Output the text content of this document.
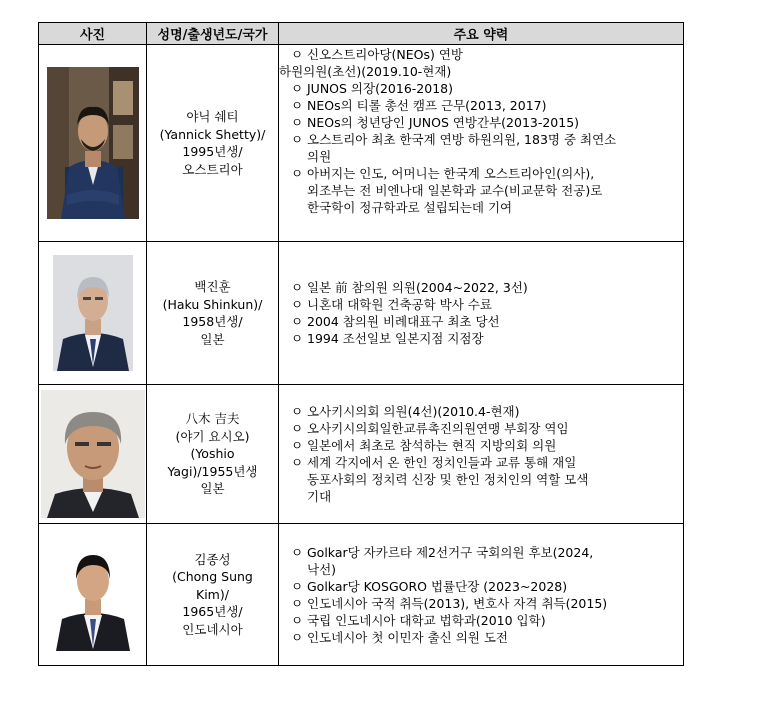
사진	성명/출생년도/국가	주요 약력
야닉 쉐티
(Yannick Shetty)/
1995년생/
오스트리아
ㅇ 신오스트리아당(NEOs) 연방
하원의원(초선)(2019.10-현재)
ㅇ JUNOS 의장(2016-2018)
ㅇ NEOs의 티롤 총선 캠프 근무(2013, 2017)
ㅇ NEOs의 청년당인 JUNOS 연방간부(2013-2015)
ㅇ 오스트리아 최초 한국계 연방 하원의원, 183명 중 최연소
의원
ㅇ 아버지는 인도, 어머니는 한국계 오스트리아인(의사),
외조부는 전 비엔나대 일본학과 교수(비교문학 전공)로
한국학이 정규학과로 설립되는데 기여
백진훈
(Haku Shinkun)/
1958년생/
일본
ㅇ 일본 前 참의원 의원(2004~2022, 3선)
ㅇ 니혼대 대학원 건축공학 박사 수료
ㅇ 2004 참의원 비례대표구 최초 당선
ㅇ 1994 조선일보 일본지점 지점장
八木 吉夫
(야기 요시오)
(Yoshio
Yagi)/1955년생
일본
ㅇ 오사키시의회 의원(4선)(2010.4-현재)
ㅇ 오사키시의회일한교류촉진의원연맹 부회장 역임
ㅇ 일본에서 최초로 참석하는 현직 지방의회 의원
ㅇ 세계 각지에서 온 한인 정치인들과 교류 통해 재일
동포사회의 정치력 신장 및 한인 정치인의 역할 모색
기대
김종성
(Chong Sung
Kim)/
1965년생/
인도네시아
ㅇ Golkar당 자카르타 제2선거구 국회의원 후보(2024,
낙선)
ㅇ Golkar당 KOSGORO 법률단장 (2023~2028)
ㅇ 인도네시아 국적 취득(2013), 변호사 자격 취득(2015)
ㅇ 국립 인도네시아 대학교 법학과(2010 입학)
ㅇ 인도네시아 첫 이민자 출신 의원 도전
